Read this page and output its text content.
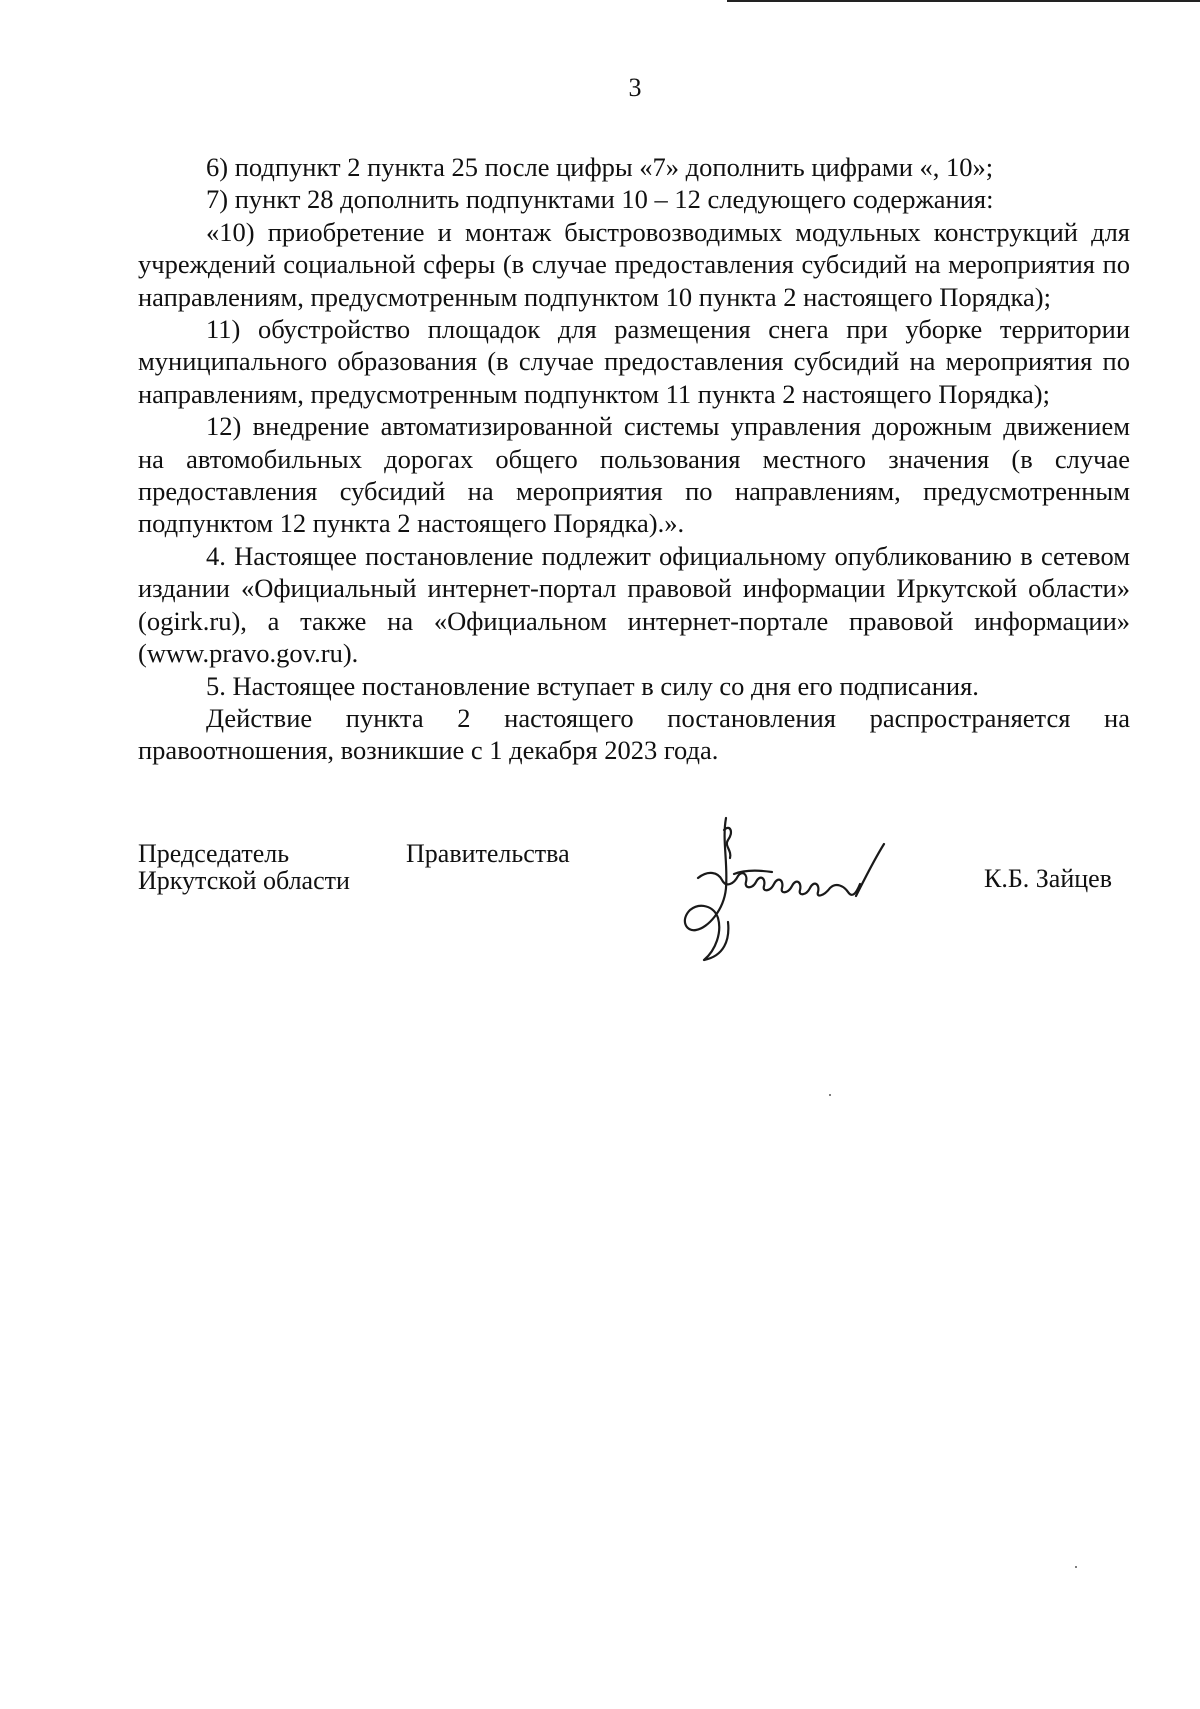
3

6) подпункт 2 пункта 25 после цифры «7» дополнить цифрами «, 10»;

7) пункт 28 дополнить подпунктами 10 – 12 следующего содержания:

«10) приобретение и монтаж быстровозводимых модульных конструкций для учреждений социальной сферы (в случае предоставления субсидий на мероприятия по направлениям, предусмотренным подпунктом 10 пункта 2 настоящего Порядка);

11) обустройство площадок для размещения снега при уборке территории муниципального образования (в случае предоставления субсидий на мероприятия по направлениям, предусмотренным подпунктом 11 пункта 2 настоящего Порядка);

12) внедрение автоматизированной системы управления дорожным движением на автомобильных дорогах общего пользования местного значения (в случае предоставления субсидий на мероприятия по направлениям, предусмотренным подпунктом 12 пункта 2 настоящего Порядка).».

4. Настоящее постановление подлежит официальному опубликованию в сетевом издании «Официальный интернет-портал правовой информации Иркутской области» (ogirk.ru), а также на «Официальном интернет-портале правовой информации» (www.pravo.gov.ru).

5. Настоящее постановление вступает в силу со дня его подписания.

Действие пункта 2 настоящего постановления распространяется на правоотношения, возникшие с 1 декабря 2023 года.

Председатель	Правительства
Иркутской области	К.Б. Зайцев
